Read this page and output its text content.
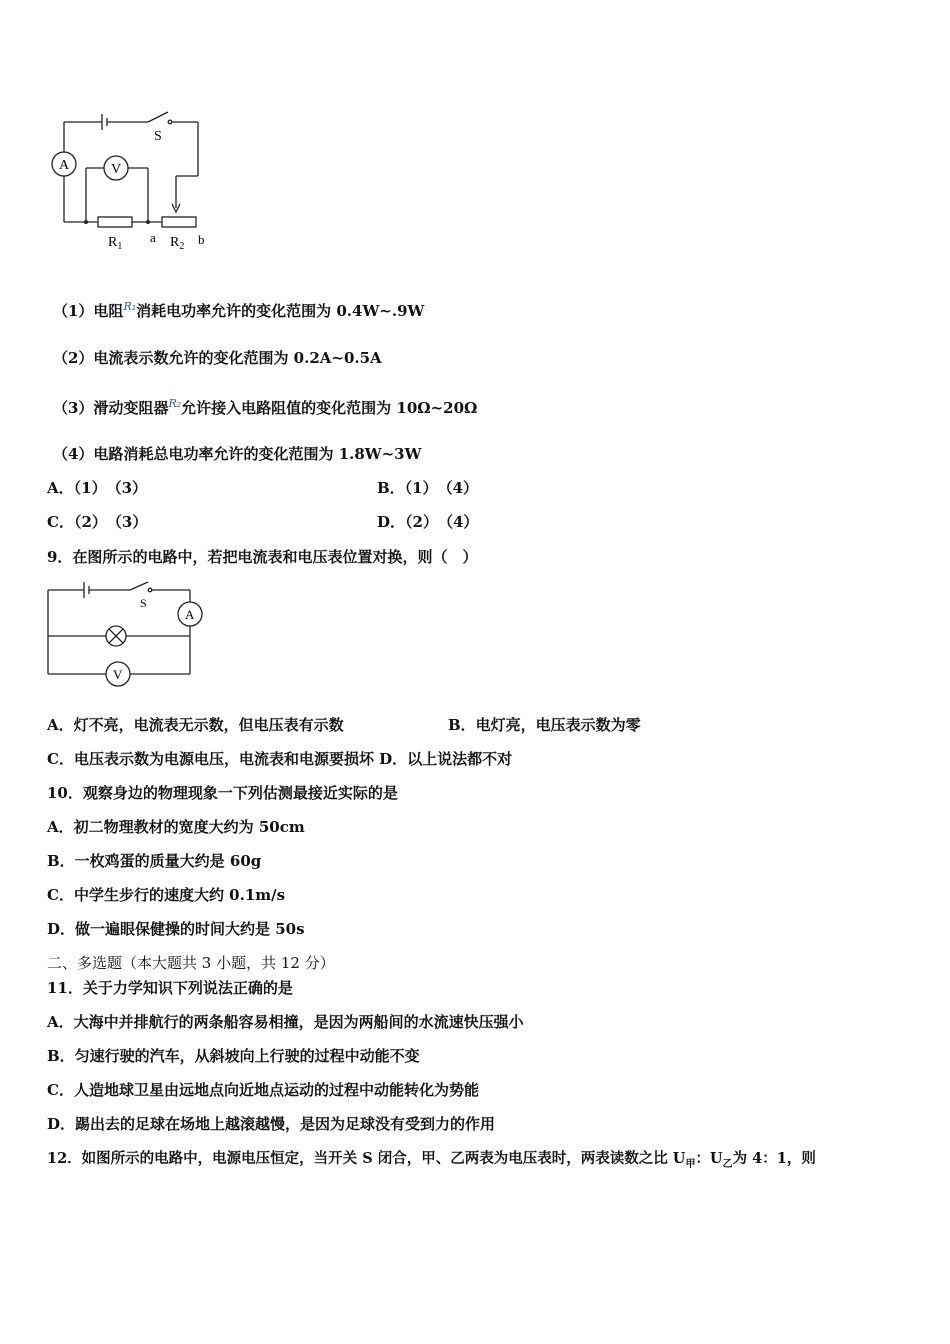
A	V
S
$R_1$
a $R_2$ b
（1）电阻$^{R_1}$消耗电功率允许的变化范围为 0.4W~.9W
（2）电流表示数允许的变化范围为 0.2A~0.5A
（3）滑动变阻器$^{R_2}$允许接入电路阻值的变化范围为 10Ω~20Ω
（4）电路消耗总电功率允许的变化范围为 1.8W~3W
A．（1）　（3）	B．（1）　（4）
C．（2）　（3）	D．（2）　（4）
9．在图所示的电路中，若把电流表和电压表位置对换，则（　）
S
A
V
A．灯不亮，电流表无示数，但电压表有示数	B．电灯亮，电压表示数为零
C．电压表示数为电源电压，电流表和电源要损坏 D．以上说法都不对
10．观察身边的物理现象一下列估测最接近实际的是
A．初二物理教材的宽度大约为 50cm
B．一枚鸡蛋的质量大约是 60g
C．中学生步行的速度大约 0.1m/s
D．做一遍眼保健操的时间大约是 50s
二、多选题（本大题共 3 小题，共 12 分）
11．关于力学知识下列说法正确的是
A．大海中并排航行的两条船容易相撞，是因为两船间的水流速快压强小
B．匀速行驶的汽车，从斜坡向上行驶的过程中动能不变
C．人造地球卫星由远地点向近地点运动的过程中动能转化为势能
D．踢出去的足球在场地上越滚越慢，是因为足球没有受到力的作用
12．如图所示的电路中，电源电压恒定，当开关 S 闭合，甲、乙两表为电压表时，两表读数之比 $U_甲$：$U_乙$为 4：1，则
